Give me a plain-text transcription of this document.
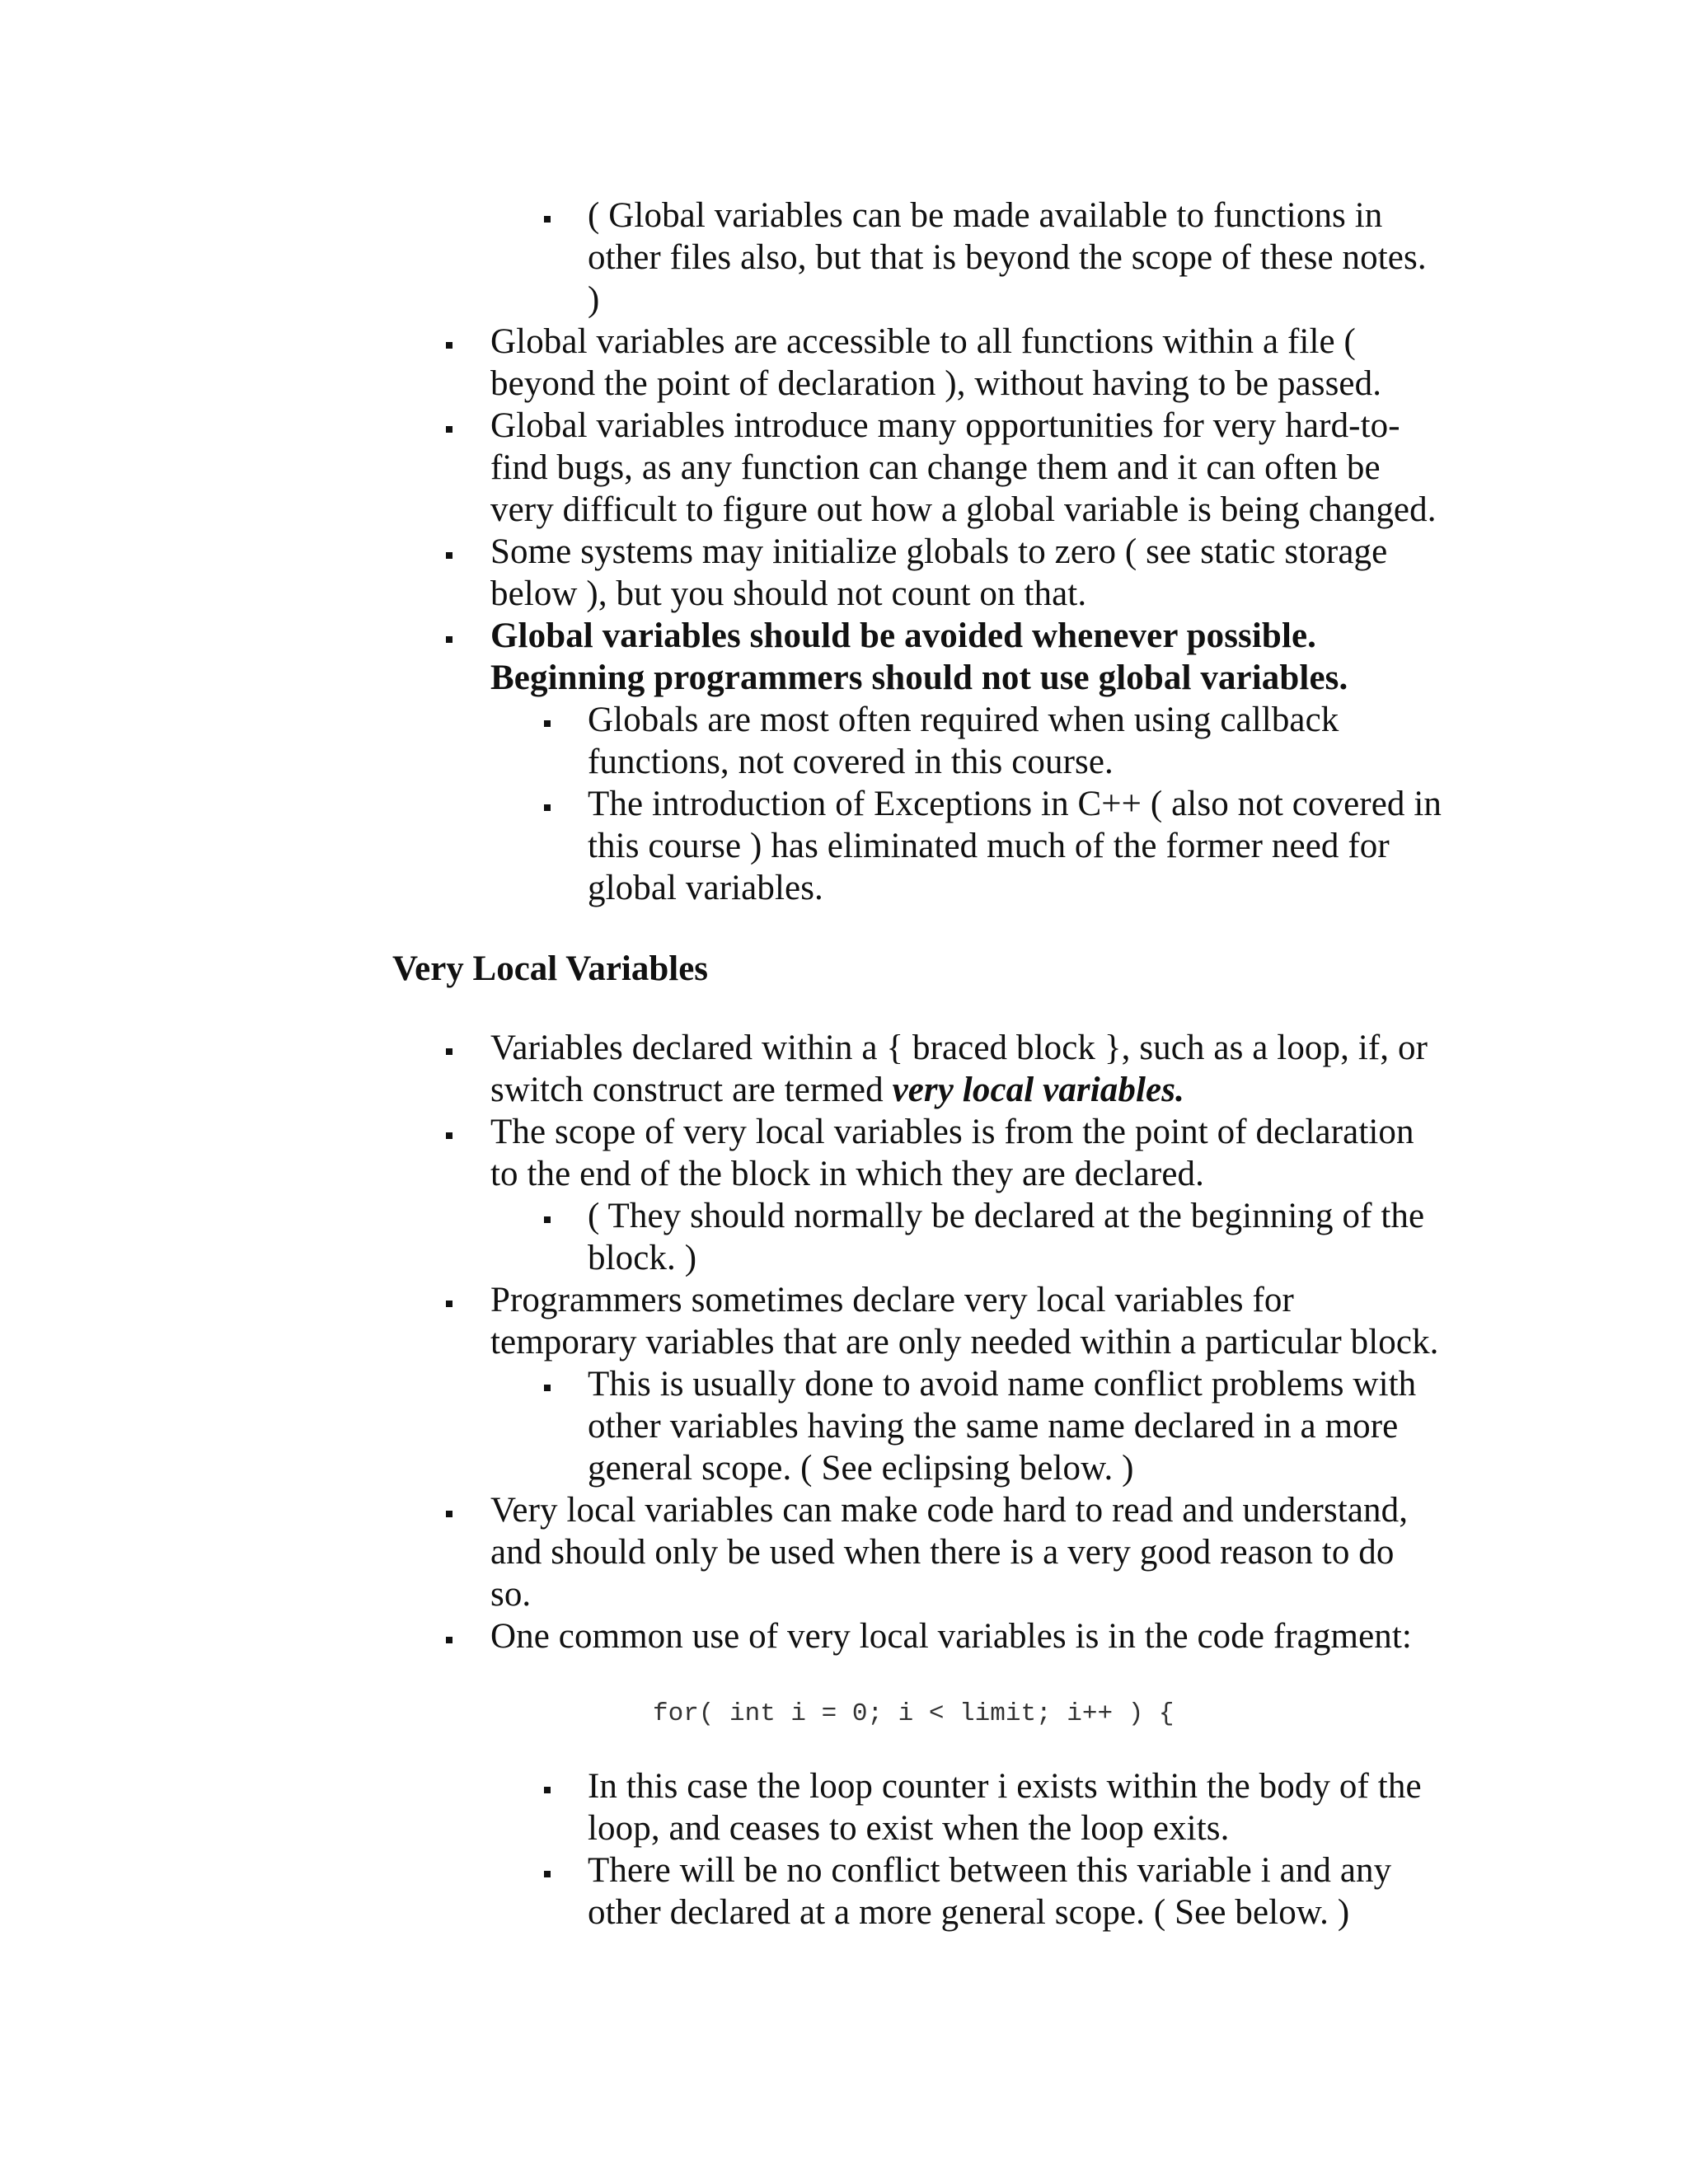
( Global variables can be made available to functions in
other files also, but that is beyond the scope of these notes.
)
Global variables are accessible to all functions within a file (
beyond the point of declaration ), without having to be passed.
Global variables introduce many opportunities for very hard-to-
find bugs, as any function can change them and it can often be
very difficult to figure out how a global variable is being changed.
Some systems may initialize globals to zero ( see static storage
below ), but you should not count on that.
Global variables should be avoided whenever possible.
Beginning programmers should not use global variables.
Globals are most often required when using callback
functions, not covered in this course.
The introduction of Exceptions in C++ ( also not covered in
this course ) has eliminated much of the former need for
global variables.
Very Local Variables
Variables declared within a { braced block }, such as a loop, if, or
switch construct are termed very local variables.
The scope of very local variables is from the point of declaration
to the end of the block in which they are declared.
( They should normally be declared at the beginning of the
block. )
Programmers sometimes declare very local variables for
temporary variables that are only needed within a particular block.
This is usually done to avoid name conflict problems with
other variables having the same name declared in a more
general scope. ( See eclipsing below. )
Very local variables can make code hard to read and understand,
and should only be used when there is a very good reason to do
so.
One common use of very local variables is in the code fragment:
for( int i = 0; i < limit; i++ ) {
In this case the loop counter i exists within the body of the
loop, and ceases to exist when the loop exits.
There will be no conflict between this variable i and any
other declared at a more general scope. ( See below. )
